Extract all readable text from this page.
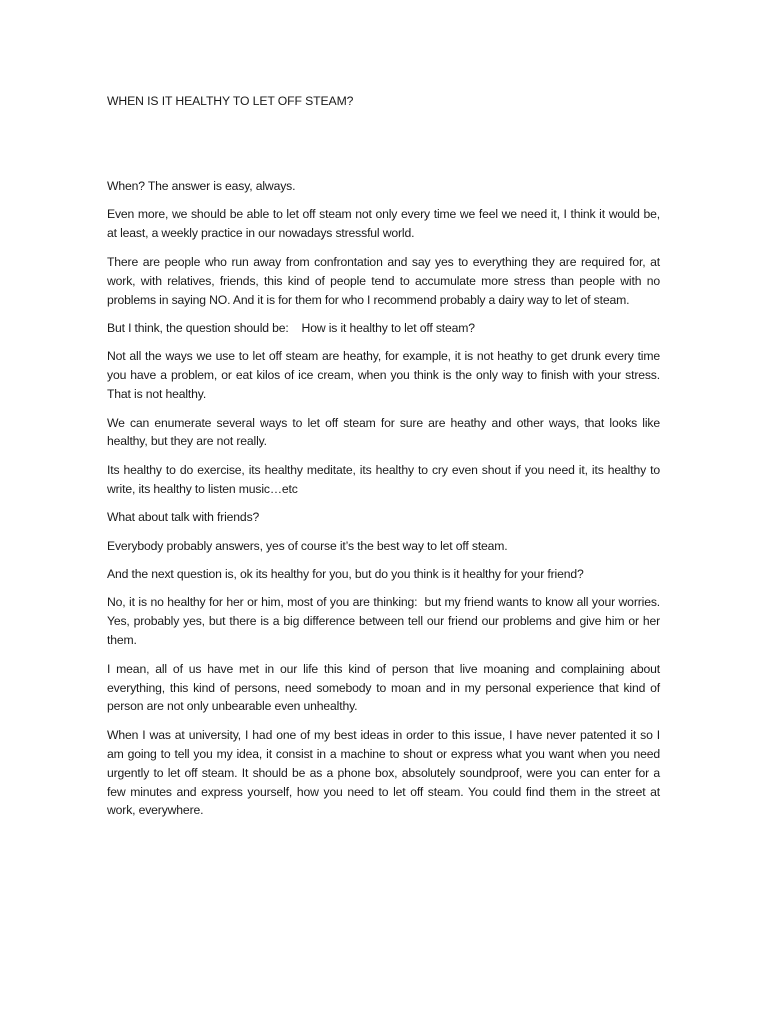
WHEN IS IT HEALTHY TO LET OFF STEAM?

When? The answer is easy, always.

Even more, we should be able to let off steam not only every time we feel we need it, I think it would be, at least, a weekly practice in our nowadays stressful world.

There are people who run away from confrontation and say yes to everything they are required for, at work, with relatives, friends, this kind of people tend to accumulate more stress than people with no problems in saying NO. And it is for them for who I recommend probably a dairy way to let of steam.

But I think, the question should be:    How is it healthy to let off steam?

Not all the ways we use to let off steam are heathy, for example, it is not heathy to get drunk every time you have a problem, or eat kilos of ice cream, when you think is the only way to finish with your stress. That is not healthy.

We can enumerate several ways to let off steam for sure are heathy and other ways, that looks like healthy, but they are not really.

Its healthy to do exercise, its healthy meditate, its healthy to cry even shout if you need it, its healthy to write, its healthy to listen music…etc

What about talk with friends?

Everybody probably answers, yes of course it’s the best way to let off steam.

And the next question is, ok its healthy for you, but do you think is it healthy for your friend?

No, it is no healthy for her or him, most of you are thinking:  but my friend wants to know all your worries. Yes, probably yes, but there is a big difference between tell our friend our problems and give him or her them.

I mean, all of us have met in our life this kind of person that live moaning and complaining about everything, this kind of persons, need somebody to moan and in my personal experience that kind of person are not only unbearable even unhealthy.

When I was at university, I had one of my best ideas in order to this issue, I have never patented it so I am going to tell you my idea, it consist in a machine to shout or express what you want when you need urgently to let off steam. It should be as a phone box, absolutely soundproof, were you can enter for a few minutes and express yourself, how you need to let off steam. You could find them in the street at work, everywhere.
